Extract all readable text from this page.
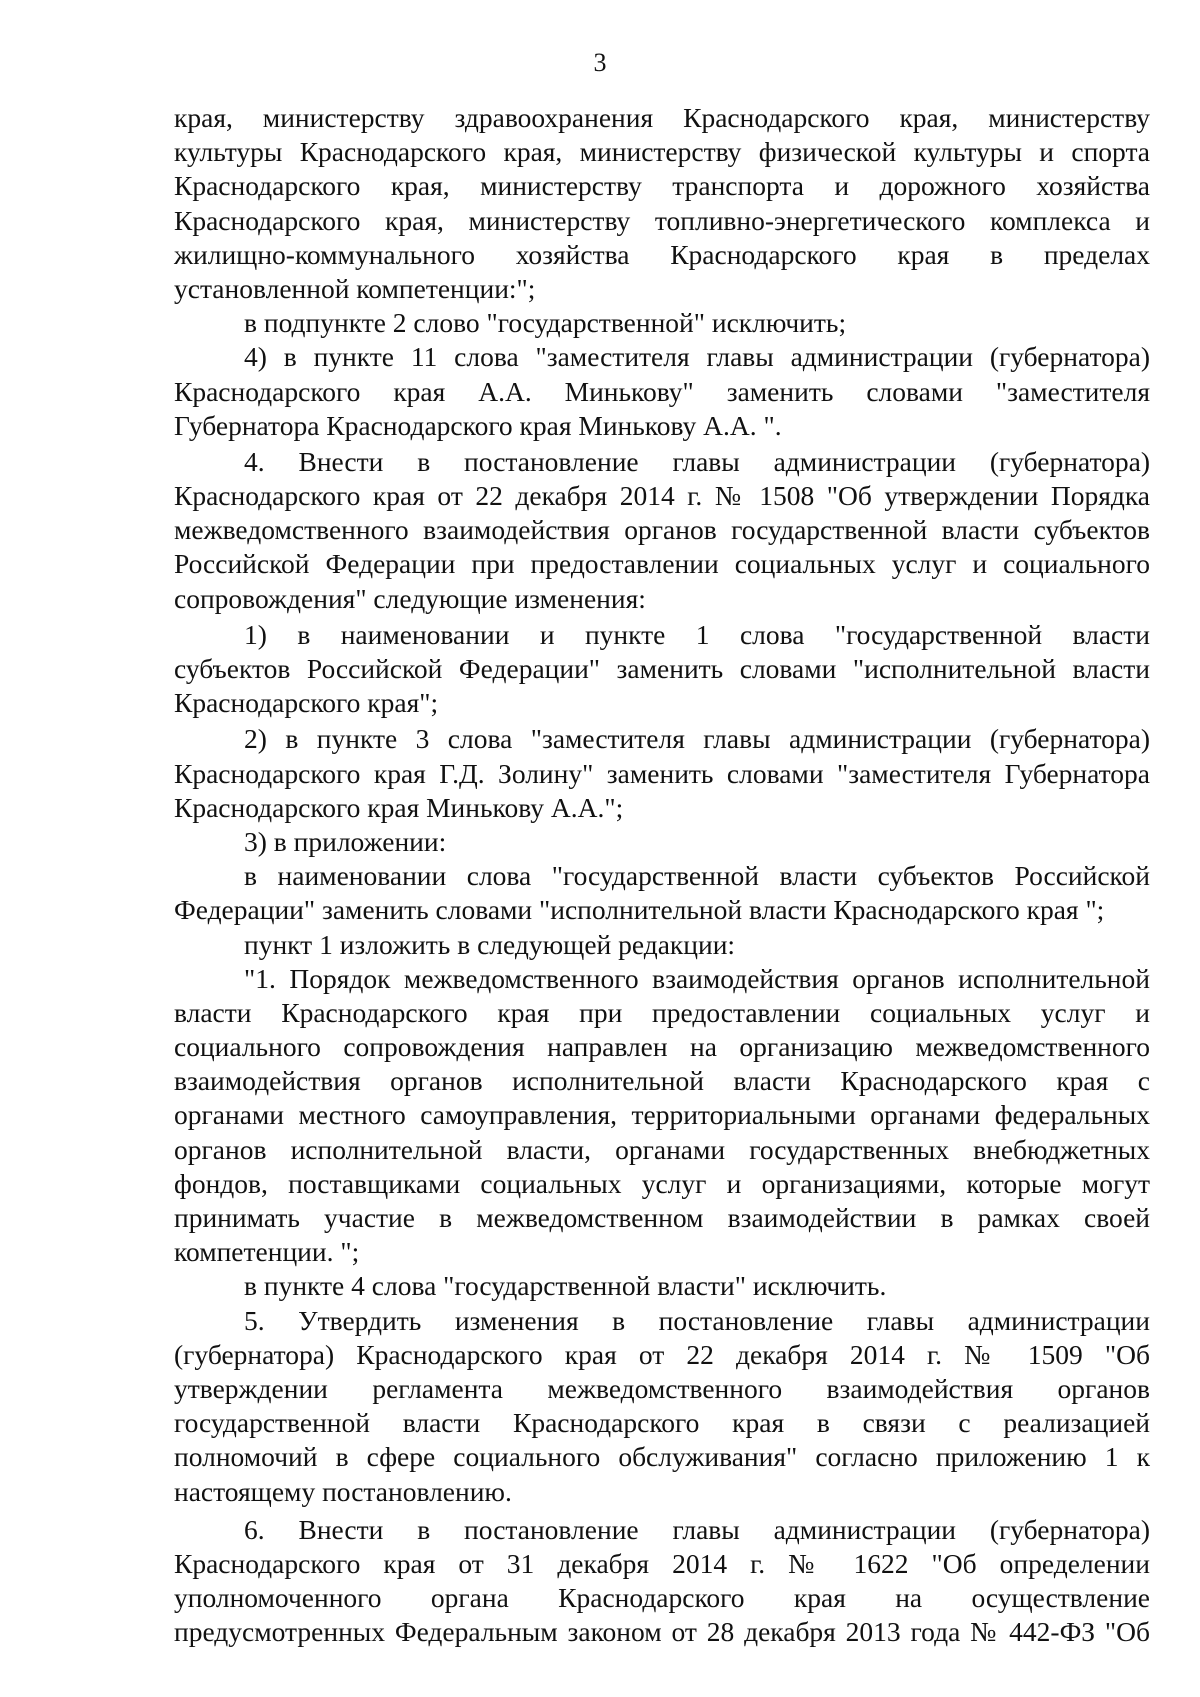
3
края, министерству здравоохранения Краснодарского края, министерству
культуры Краснодарского края, министерству физической культуры и спорта
Краснодарского края, министерству транспорта и дорожного хозяйства
Краснодарского края, министерству топливно-энергетического комплекса и
жилищно-коммунального хозяйства Краснодарского края в пределах
установленной компетенции:";
в подпункте 2 слово "государственной" исключить;
4) в пункте 11 слова "заместителя главы администрации (губернатора)
Краснодарского края А.А. Минькову" заменить словами "заместителя
Губернатора Краснодарского края Минькову А.А. ".
4. Внести в постановление главы администрации (губернатора)
Краснодарского края от 22 декабря 2014 г. № 1508 "Об утверждении Порядка
межведомственного взаимодействия органов государственной власти субъектов
Российской Федерации при предоставлении социальных услуг и социального
сопровождения" следующие изменения:
1) в наименовании и пункте 1 слова "государственной власти
субъектов Российской Федерации" заменить словами "исполнительной власти
Краснодарского края";
2) в пункте 3 слова "заместителя главы администрации (губернатора)
Краснодарского края Г.Д. Золину" заменить словами "заместителя Губернатора
Краснодарского края Минькову А.А.";
3) в приложении:
в наименовании слова "государственной власти субъектов Российской
Федерации" заменить словами "исполнительной власти Краснодарского края ";
пункт 1 изложить в следующей редакции:
"1. Порядок межведомственного взаимодействия органов исполнительной
власти Краснодарского края при предоставлении социальных услуг и
социального сопровождения направлен на организацию межведомственного
взаимодействия органов исполнительной власти Краснодарского края с
органами местного самоуправления, территориальными органами федеральных
органов исполнительной власти, органами государственных внебюджетных
фондов, поставщиками социальных услуг и организациями, которые могут
принимать участие в межведомственном взаимодействии в рамках своей
компетенции. ";
в пункте 4 слова "государственной власти" исключить.
5. Утвердить изменения в постановление главы администрации
(губернатора) Краснодарского края от 22 декабря 2014 г. № 1509 "Об
утверждении регламента межведомственного взаимодействия органов
государственной власти Краснодарского края в связи с реализацией
полномочий в сфере социального обслуживания" согласно приложению 1 к
настоящему постановлению.
6. Внести в постановление главы администрации (губернатора)
Краснодарского края от 31 декабря 2014 г. № 1622 "Об определении
уполномоченного органа Краснодарского края на осуществление
предусмотренных Федеральным законом от 28 декабря 2013 года № 442-ФЗ "Об
